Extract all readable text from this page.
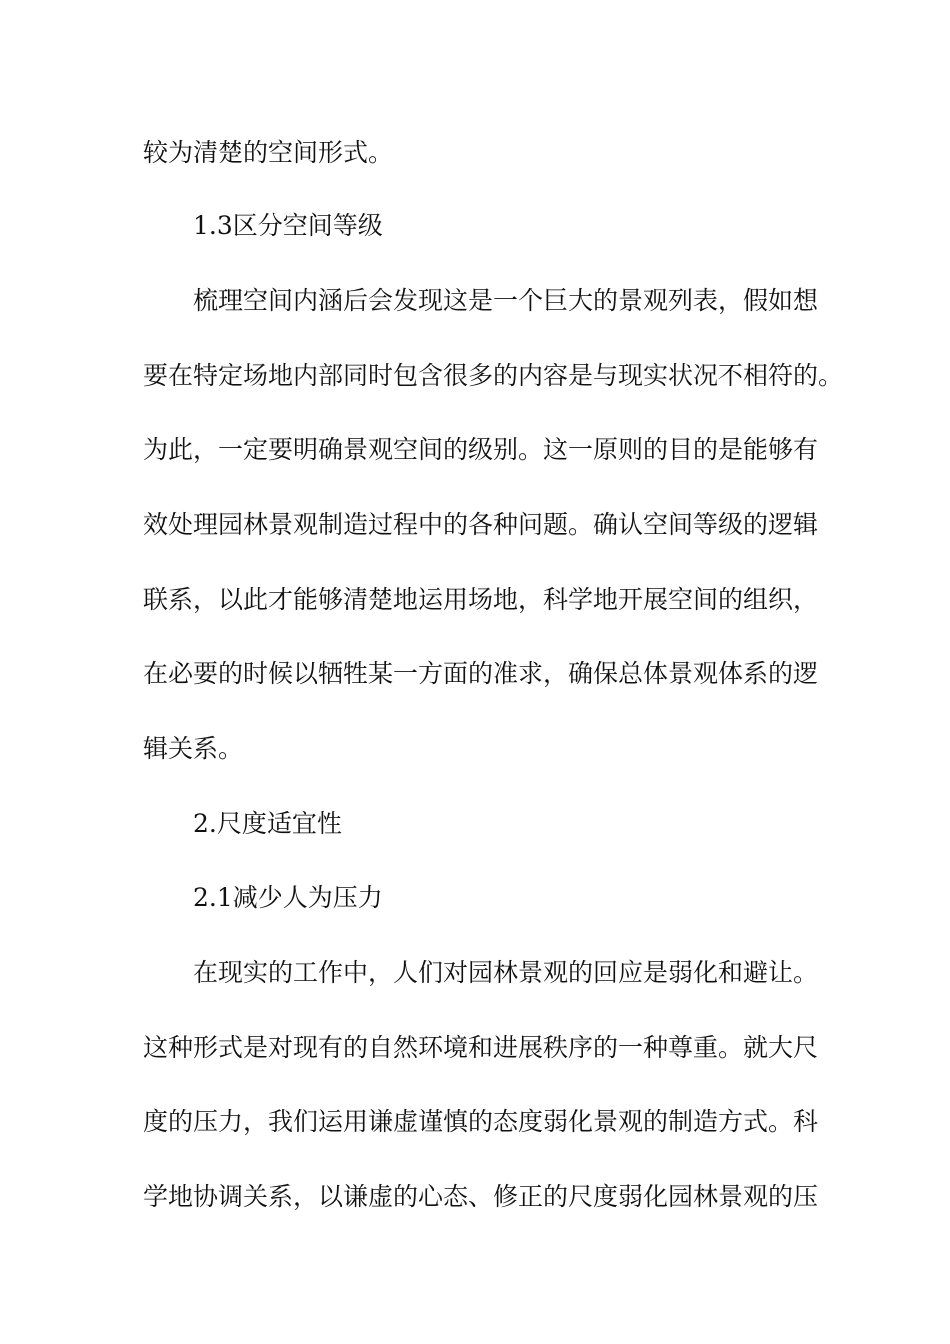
较为清楚的空间形式。

1.3区分空间等级

梳理空间内涵后会发现这是一个巨大的景观列表，假如想

要在特定场地内部同时包含很多的内容是与现实状况不相符的。

为此，一定要明确景观空间的级别。这一原则的目的是能够有

效处理园林景观制造过程中的各种问题。确认空间等级的逻辑

联系，以此才能够清楚地运用场地，科学地开展空间的组织，

在必要的时候以牺牲某一方面的准求，确保总体景观体系的逻

辑关系。

2.尺度适宜性

2.1减少人为压力

在现实的工作中，人们对园林景观的回应是弱化和避让。

这种形式是对现有的自然环境和进展秩序的一种尊重。就大尺

度的压力，我们运用谦虚谨慎的态度弱化景观的制造方式。科

学地协调关系，以谦虚的心态、修正的尺度弱化园林景观的压
